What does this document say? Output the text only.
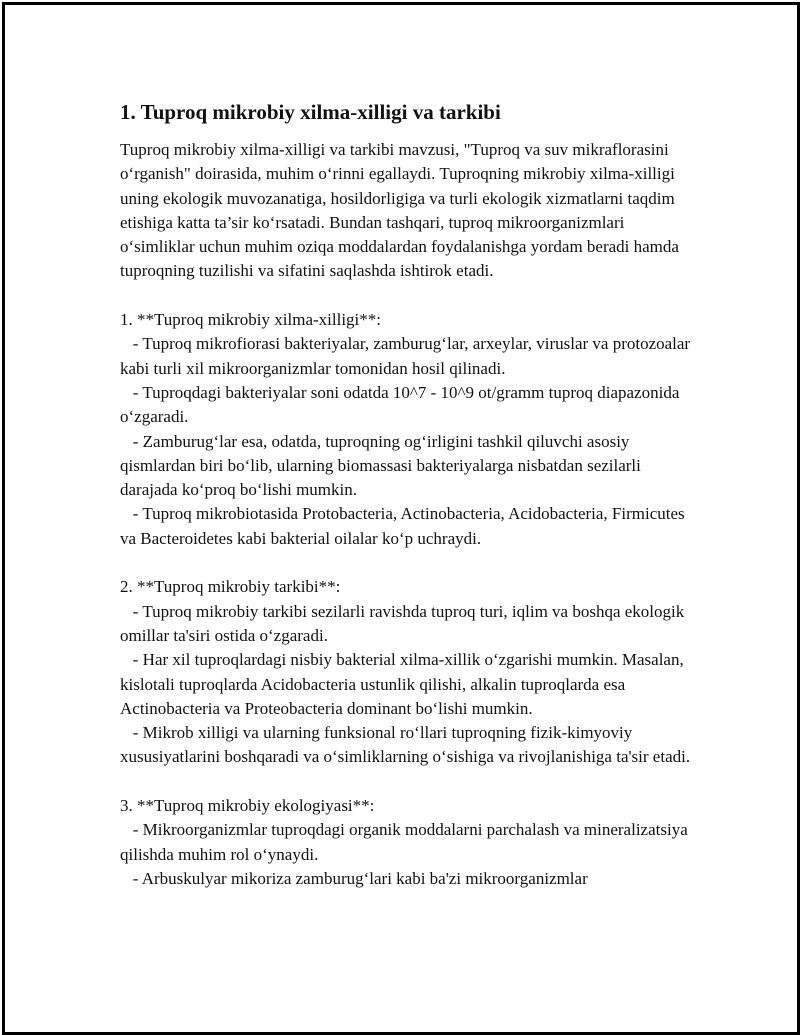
1. Tuproq mikrobiy xilma-xilligi va tarkibi

Tuproq mikrobiy xilma-xilligi va tarkibi mavzusi, "Tuproq va suv mikraflorasini o‘rganish" doirasida, muhim o‘rinni egallaydi. Tuproqning mikrobiy xilma-xilligi uning ekologik muvozanatiga, hosildorligiga va turli ekologik xizmatlarni taqdim etishiga katta ta’sir ko‘rsatadi. Bundan tashqari, tuproq mikroorganizmlari o‘simliklar uchun muhim oziqa moddalardan foydalanishga yordam beradi hamda tuproqning tuzilishi va sifatini saqlashda ishtirok etadi.

1. **Tuproq mikrobiy xilma-xilligi**:

- Tuproq mikrofiorasi bakteriyalar, zamburug‘lar, arxeylar, viruslar va protozoalar kabi turli xil mikroorganizmlar tomonidan hosil qilinadi.

- Tuproqdagi bakteriyalar soni odatda 10^7 - 10^9 ot/gramm tuproq diapazonida o‘zgaradi.

- Zamburug‘lar esa, odatda, tuproqning og‘irligini tashkil qiluvchi asosiy qismlardan biri bo‘lib, ularning biomassasi bakteriyalarga nisbatdan sezilarli darajada ko‘proq bo‘lishi mumkin.

- Tuproq mikrobiotasida Protobacteria, Actinobacteria, Acidobacteria, Firmicutes va Bacteroidetes kabi bakterial oilalar ko‘p uchraydi.

2. **Tuproq mikrobiy tarkibi**:

- Tuproq mikrobiy tarkibi sezilarli ravishda tuproq turi, iqlim va boshqa ekologik omillar ta'siri ostida o‘zgaradi.

- Har xil tuproqlardagi nisbiy bakterial xilma-xillik o‘zgarishi mumkin. Masalan, kislotali tuproqlarda Acidobacteria ustunlik qilishi, alkalin tuproqlarda esa Actinobacteria va Proteobacteria dominant bo‘lishi mumkin.

- Mikrob xilligi va ularning funksional ro‘llari tuproqning fizik-kimyoviy xususiyatlarini boshqaradi va o‘simliklarning o‘sishiga va rivojlanishiga ta'sir etadi.

3. **Tuproq mikrobiy ekologiyasi**:

- Mikroorganizmlar tuproqdagi organik moddalarni parchalash va mineralizatsiya qilishda muhim rol o‘ynaydi.

- Arbuskulyar mikoriza zamburug‘lari kabi ba'zi mikroorganizmlar
